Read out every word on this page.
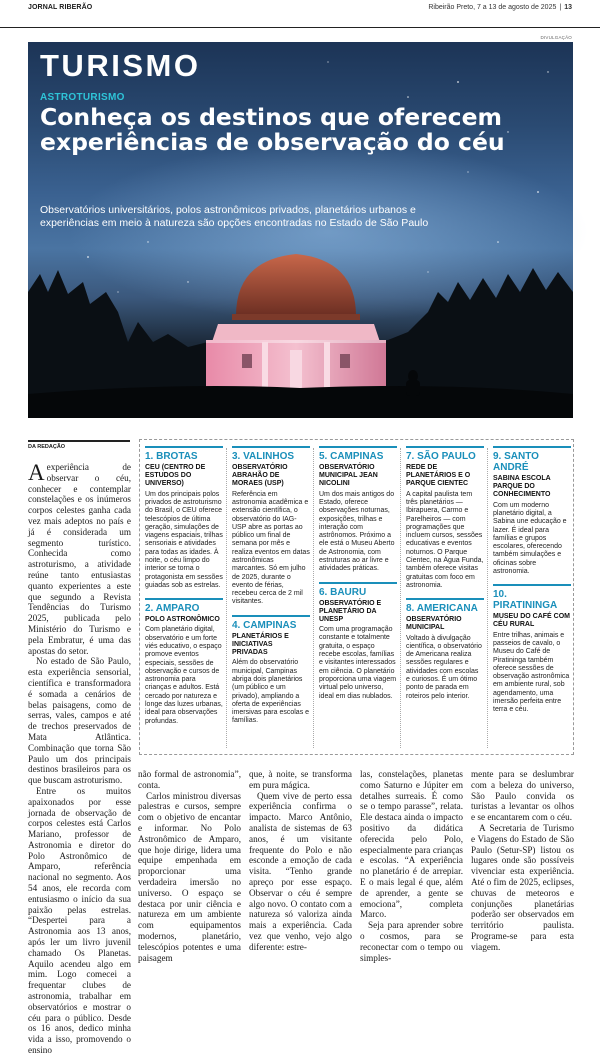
JORNAL RIBERÃO	Ribeirão Preto, 7 a 13 de agosto de 2025 | 13
DIVULGAÇÃO
TURISMO
ASTROTURISMO
Conheça os destinos que oferecem experiências de observação do céu
Observatórios universitários, polos astronômicos privados, planetários urbanos e experiências em meio à natureza são opções encontradas no Estado de São Paulo
DA REDAÇÃO

A experiência de observar o céu, conhecer e contemplar constelações e os inúmeros corpos celestes ganha cada vez mais adeptos no país e já é considerada um segmento turístico. Conhecida como astroturismo, a atividade reúne tanto entusiastas quanto experientes a este que segundo a Revista Tendências do Turismo 2025, publicada pelo Ministério do Turismo e pela Embratur, é uma das apostas do setor.

No estado de São Paulo, esta experiência sensorial, científica e transformadora é somada a cenários de belas paisagens, como de serras, vales, campos e até de trechos preservados de Mata Atlântica. Combinação que torna São Paulo um dos principais destinos brasileiros para os que buscam astroturismo.

Entre os muitos apaixonados por esse jornada de observação de corpos celestes está Carlos Mariano, professor de Astronomia e diretor do Polo Astronômico de Amparo, referência nacional no segmento. Aos 54 anos, ele recorda com entusiasmo o início da sua paixão pelas estrelas. “Despertei para a Astronomia aos 13 anos, após ler um livro juvenil chamado Os Planetas. Aquilo acendeu algo em mim. Logo comecei a frequentar clubes de astronomia, trabalhar em observatórios e mostrar o céu para o público. Desde os 16 anos, dedico minha vida a isso, promovendo o ensino

não formal de astronomia”, conta.

Carlos ministrou diversas palestras e cursos, sempre com o objetivo de encantar e informar. No Polo Astronômico de Amparo, que hoje dirige, lidera uma equipe empenhada em proporcionar uma verdadeira imersão no universo. O espaço se destaca por unir ciência e natureza em um ambiente com equipamentos modernos, planetário, telescópios potentes e uma paisagem

que, à noite, se transforma em pura mágica.

Quem vive de perto essa experiência confirma o impacto. Marco Antônio, analista de sistemas de 63 anos, é um visitante frequente do Polo e não esconde a emoção de cada visita. “Tenho grande apreço por esse espaço. Observar o céu é sempre algo novo. O contato com a natureza só valoriza ainda mais a experiência. Cada vez que venho, vejo algo diferente: estre-

las, constelações, planetas como Saturno e Júpiter em detalhes surreais. É como se o tempo parasse”, relata. Ele destaca ainda o impacto positivo da didática oferecida pelo Polo, especialmente para crianças e escolas. “A experiência no planetário é de arrepiar. E o mais legal é que, além de aprender, a gente se emociona”, completa Marco.

Seja para aprender sobre o cosmos, para se reconectar com o tempo ou simples-

mente para se deslumbrar com a beleza do universo, São Paulo convida os turistas a levantar os olhos e se encantarem com o céu.

A Secretaria de Turismo e Viagens do Estado de São Paulo (Setur-SP) listou os lugares onde são possíveis vivenciar esta experiência. Até o fim de 2025, eclipses, chuvas de meteoros e conjunções planetárias poderão ser observados em território paulista. Programe-se para esta viagem.

1. BROTAS
CEU (CENTRO DE ESTUDOS DO UNIVERSO)
Um dos principais polos privados de astroturismo do Brasil, o CEU oferece telescópios de última geração, simulações de viagens espaciais, trilhas sensoriais e atividades para todas as idades. À noite, o céu limpo do interior se torna o protagonista em sessões guiadas sob as estrelas.
2. AMPARO
POLO ASTRONÔMICO
Com planetário digital, observatório e um forte viés educativo, o espaço promove eventos especiais, sessões de observação e cursos de astronomia para crianças e adultos. Está cercado por natureza e longe das luzes urbanas, ideal para observações profundas.
3. VALINHOS
OBSERVATÓRIO ABRAHÃO DE MORAES (USP)
Referência em astronomia acadêmica e extensão científica, o observatório do IAG-USP abre as portas ao público um final de semana por mês e realiza eventos em datas astronômicas marcantes. Só em julho de 2025, durante o evento de férias, recebeu cerca de 2 mil visitantes.
4. CAMPINAS
PLANETÁRIOS E INICIATIVAS PRIVADAS
Além do observatório municipal, Campinas abriga dois planetários (um público e um privado), ampliando a oferta de experiências imersivas para escolas e famílias.
5. CAMPINAS
OBSERVATÓRIO MUNICIPAL JEAN NICOLINI
Um dos mais antigos do Estado, oferece observações noturnas, exposições, trilhas e interação com astrônomos. Próximo a ele está o Museu Aberto de Astronomia, com estruturas ao ar livre e atividades práticas.
6. BAURU
OBSERVATÓRIO E PLANETÁRIO DA UNESP
Com uma programação constante e totalmente gratuita, o espaço recebe escolas, famílias e visitantes interessados em ciência. O planetário proporciona uma viagem virtual pelo universo, ideal em dias nublados.
7. SÃO PAULO
REDE DE PLANETÁRIOS E O PARQUE CIENTEC
A capital paulista tem três planetários — Ibirapuera, Carmo e Parelheiros — com programações que incluem cursos, sessões educativas e eventos noturnos. O Parque Cientec, na Água Funda, também oferece visitas gratuitas com foco em astronomia.
8. AMERICANA
OBSERVATÓRIO MUNICIPAL
Voltado à divulgação científica, o observatório de Americana realiza sessões regulares e atividades com escolas e curiosos. É um ótimo ponto de parada em roteiros pelo interior.
9. SANTO ANDRÉ
SABINA ESCOLA PARQUE DO CONHECIMENTO
Com um moderno planetário digital, a Sabina une educação e lazer. É ideal para famílias e grupos escolares, oferecendo também simulações e oficinas sobre astronomia.
10. PIRATININGA
MUSEU DO CAFÉ COM CÉU RURAL
Entre trilhas, animais e passeios de cavalo, o Museu do Café de Piratininga também oferece sessões de observação astronômica em ambiente rural, sob agendamento, uma imersão perfeita entre terra e céu.
